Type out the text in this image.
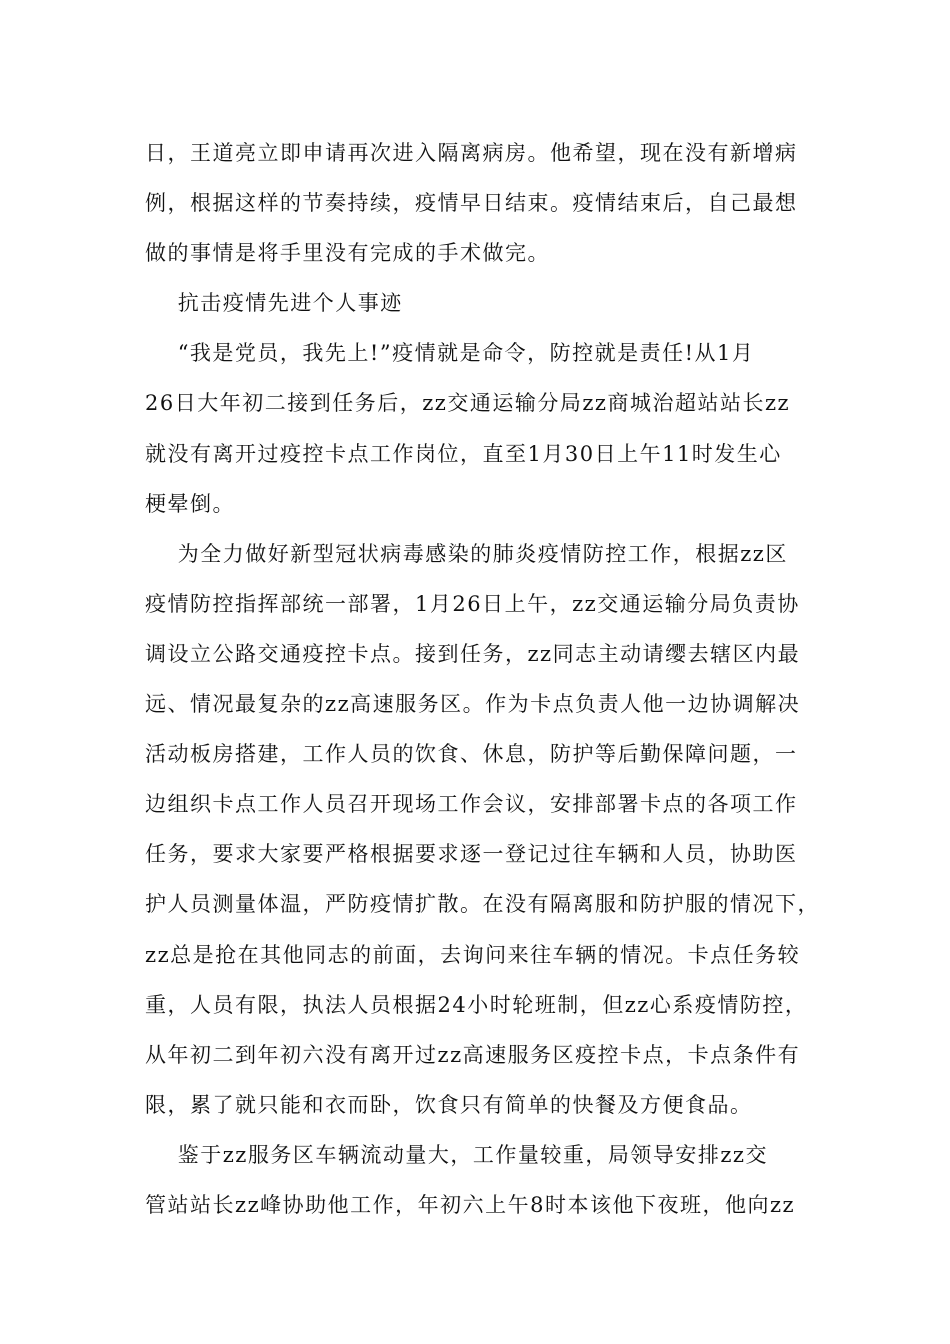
日，王道亮立即申请再次进入隔离病房。他希望，现在没有新增病
例，根据这样的节奏持续，疫情早日结束。疫情结束后，自己最想
做的事情是将手里没有完成的手术做完。
抗击疫情先进个人事迹
“我是党员，我先上!”疫情就是命令，防控就是责任!从1月
26日大年初二接到任务后，zz交通运输分局zz商城治超站站长zz
就没有离开过疫控卡点工作岗位，直至1月30日上午11时发生心
梗晕倒。
为全力做好新型冠状病毒感染的肺炎疫情防控工作，根据zz区
疫情防控指挥部统一部署，1月26日上午，zz交通运输分局负责协
调设立公路交通疫控卡点。接到任务，zz同志主动请缨去辖区内最
远、情况最复杂的zz高速服务区。作为卡点负责人他一边协调解决
活动板房搭建，工作人员的饮食、休息，防护等后勤保障问题，一
边组织卡点工作人员召开现场工作会议，安排部署卡点的各项工作
任务，要求大家要严格根据要求逐一登记过往车辆和人员，协助医
护人员测量体温，严防疫情扩散。在没有隔离服和防护服的情况下，
zz总是抢在其他同志的前面，去询问来往车辆的情况。卡点任务较
重，人员有限，执法人员根据24小时轮班制，但zz心系疫情防控，
从年初二到年初六没有离开过zz高速服务区疫控卡点，卡点条件有
限，累了就只能和衣而卧，饮食只有简单的快餐及方便食品。
鉴于zz服务区车辆流动量大，工作量较重，局领导安排zz交
管站站长zz峰协助他工作，年初六上午8时本该他下夜班，他向zz
